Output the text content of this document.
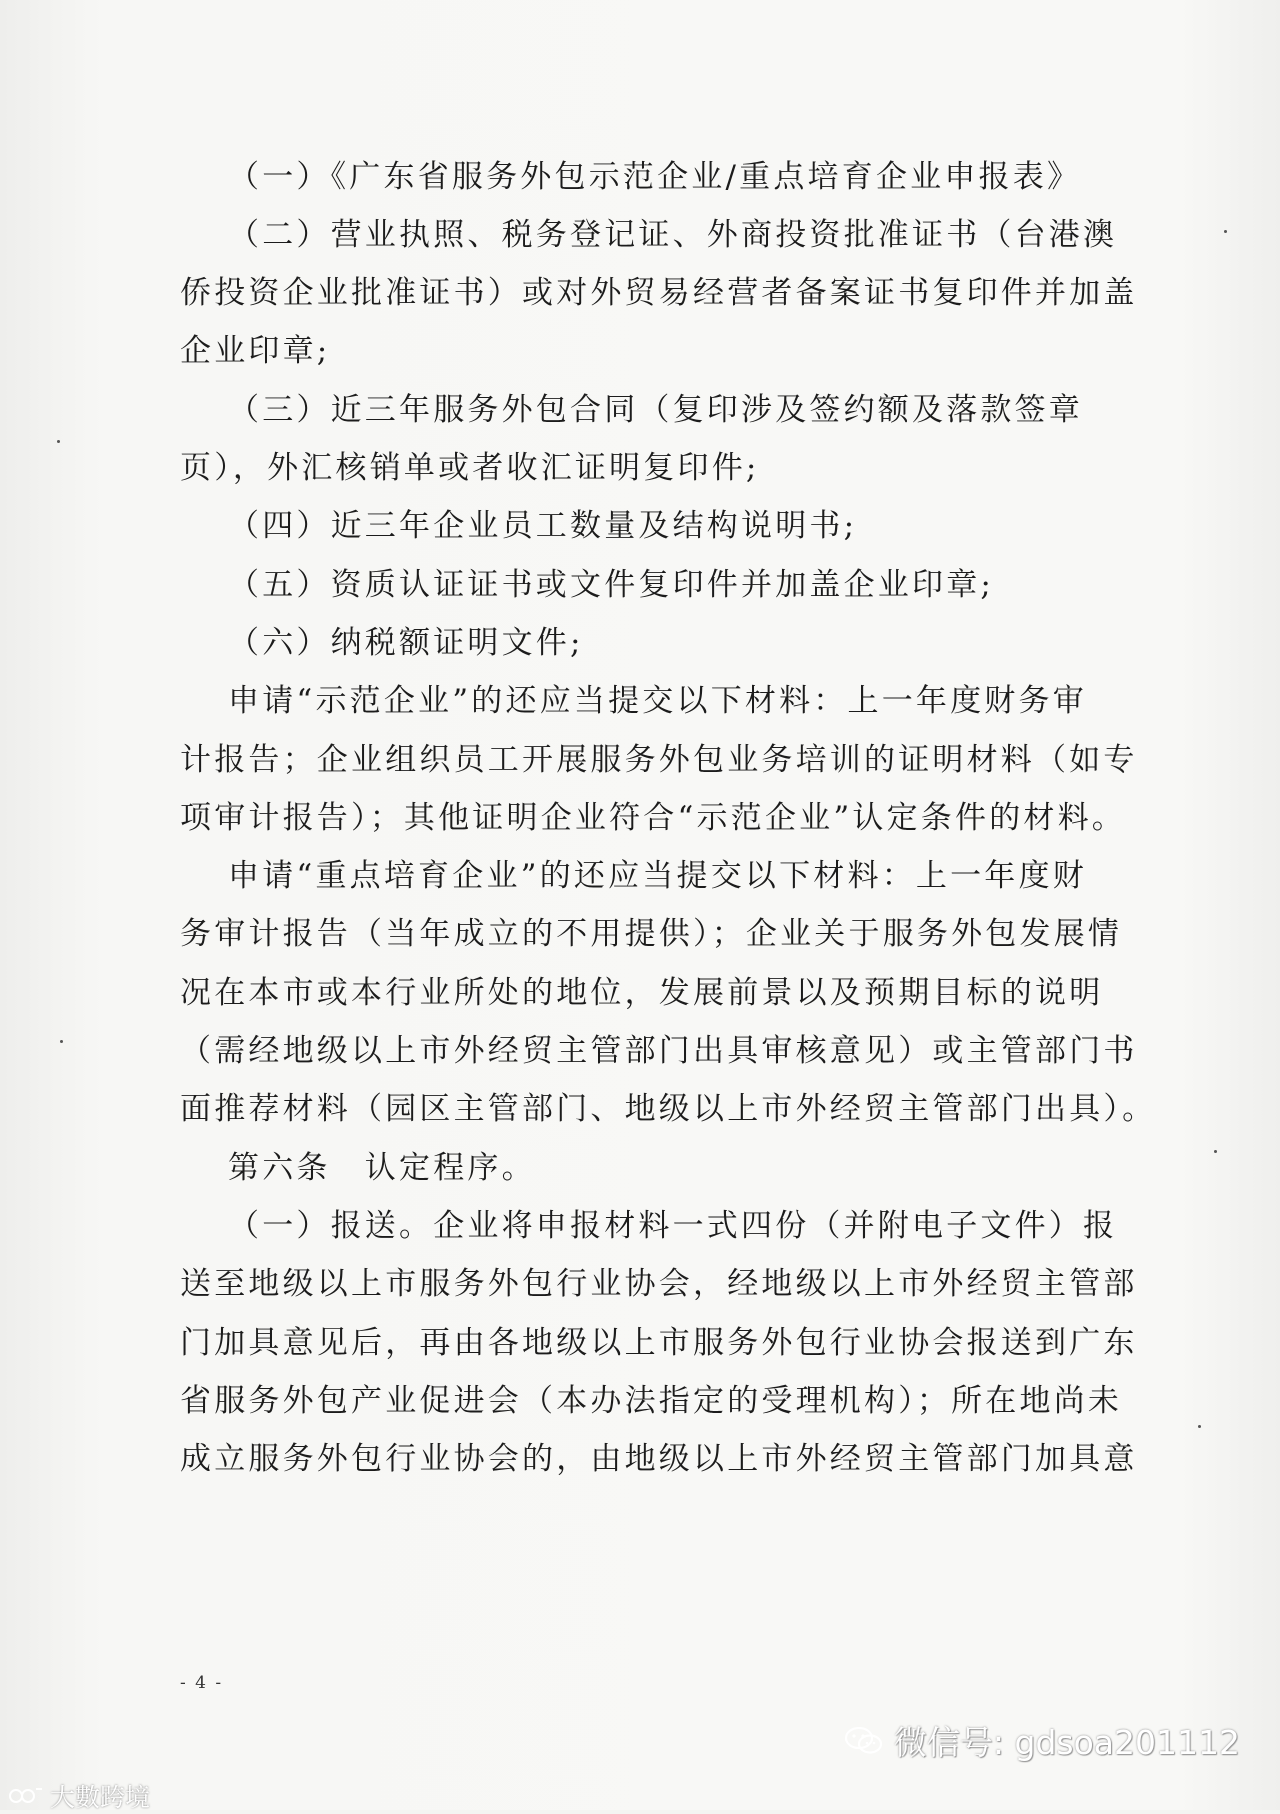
（一）《广东省服务外包示范企业/重点培育企业申报表》
（二）营业执照、税务登记证、外商投资批准证书（台港澳
侨投资企业批准证书）或对外贸易经营者备案证书复印件并加盖
企业印章;
（三）近三年服务外包合同（复印涉及签约额及落款签章
页），外汇核销单或者收汇证明复印件;
（四）近三年企业员工数量及结构说明书;
（五）资质认证证书或文件复印件并加盖企业印章;
（六）纳税额证明文件;
申请“示范企业”的还应当提交以下材料：上一年度财务审
计报告；企业组织员工开展服务外包业务培训的证明材料（如专
项审计报告）；其他证明企业符合“示范企业”认定条件的材料。
申请“重点培育企业”的还应当提交以下材料：上一年度财
务审计报告（当年成立的不用提供）；企业关于服务外包发展情
况在本市或本行业所处的地位，发展前景以及预期目标的说明
（需经地级以上市外经贸主管部门出具审核意见）或主管部门书
面推荐材料（园区主管部门、地级以上市外经贸主管部门出具）。
第六条　认定程序。
（一）报送。企业将申报材料一式四份（并附电子文件）报
送至地级以上市服务外包行业协会，经地级以上市外经贸主管部
门加具意见后，再由各地级以上市服务外包行业协会报送到广东
省服务外包产业促进会（本办法指定的受理机构）；所在地尚未
成立服务外包行业协会的，由地级以上市外经贸主管部门加具意
- 4 -
微信号: gdsoa201112
大數跨境
